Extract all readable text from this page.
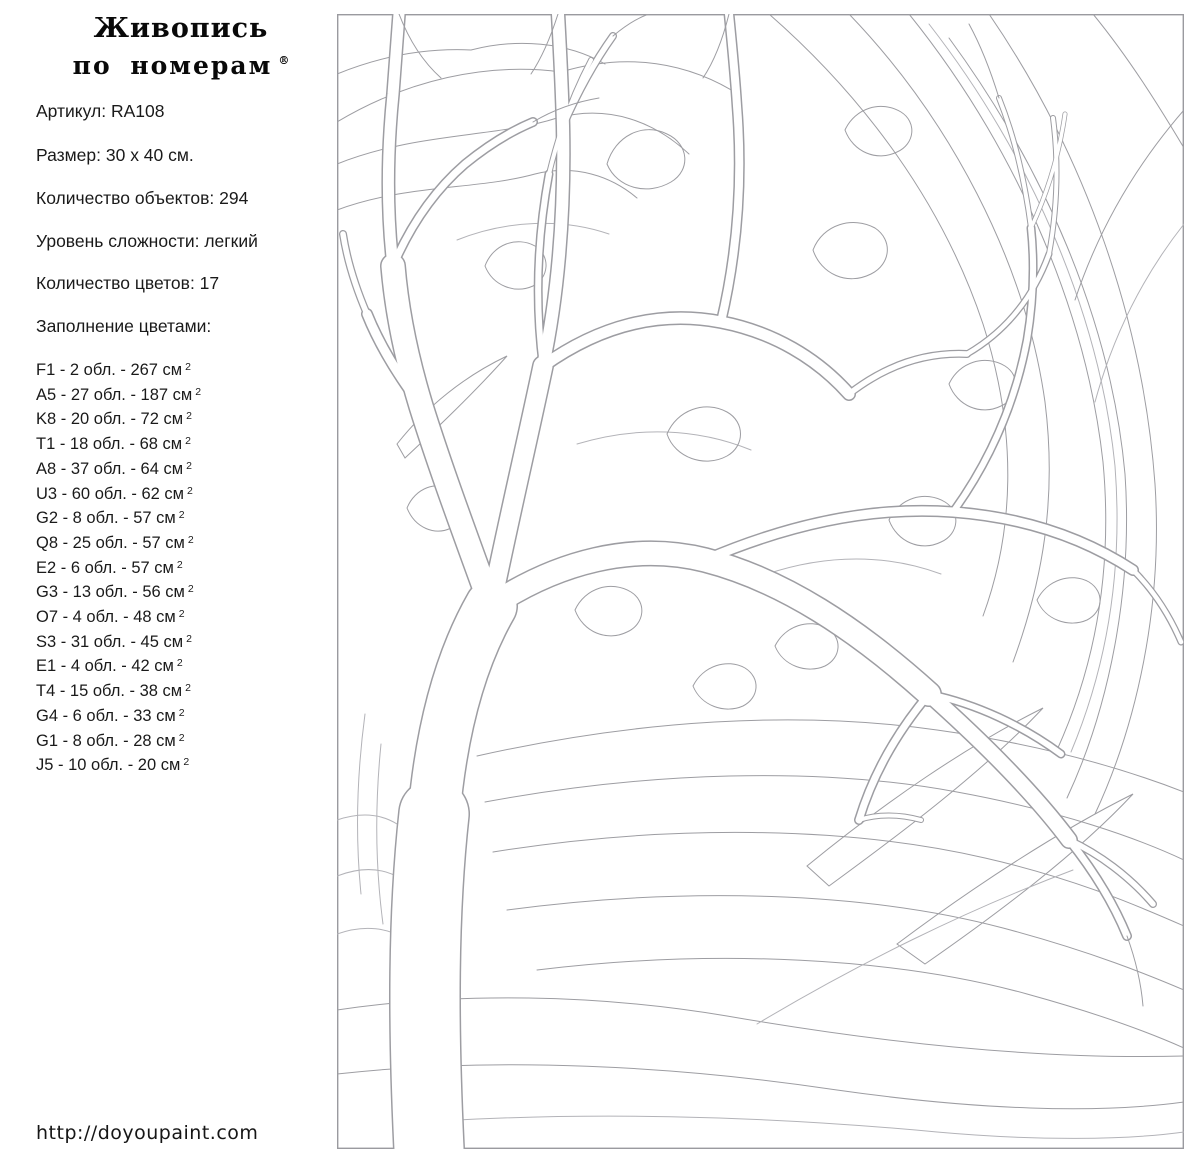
Живопись
по номерам ®

Артикул: RA108

Размер: 30 x 40 см.

Количество объектов: 294

Уровень сложности: легкий

Количество цветов: 17

Заполнение цветами:

F1 - 2 обл. - 267 см $^2$
A5 - 27 обл. - 187 см $^2$
K8 - 20 обл. - 72 см $^2$
T1 - 18 обл. - 68 см $^2$
A8 - 37 обл. - 64 см $^2$
U3 - 60 обл. - 62 см $^2$
G2 - 8 обл. - 57 см $^2$
Q8 - 25 обл. - 57 см $^2$
E2 - 6 обл. - 57 см $^2$
G3 - 13 обл. - 56 см $^2$
O7 - 4 обл. - 48 см $^2$
S3 - 31 обл. - 45 см $^2$
E1 - 4 обл. - 42 см $^2$
T4 - 15 обл. - 38 см $^2$
G4 - 6 обл. - 33 см $^2$
G1 - 8 обл. - 28 см $^2$
J5 - 10 обл. - 20 см $^2$
http://doyoupaint.com
